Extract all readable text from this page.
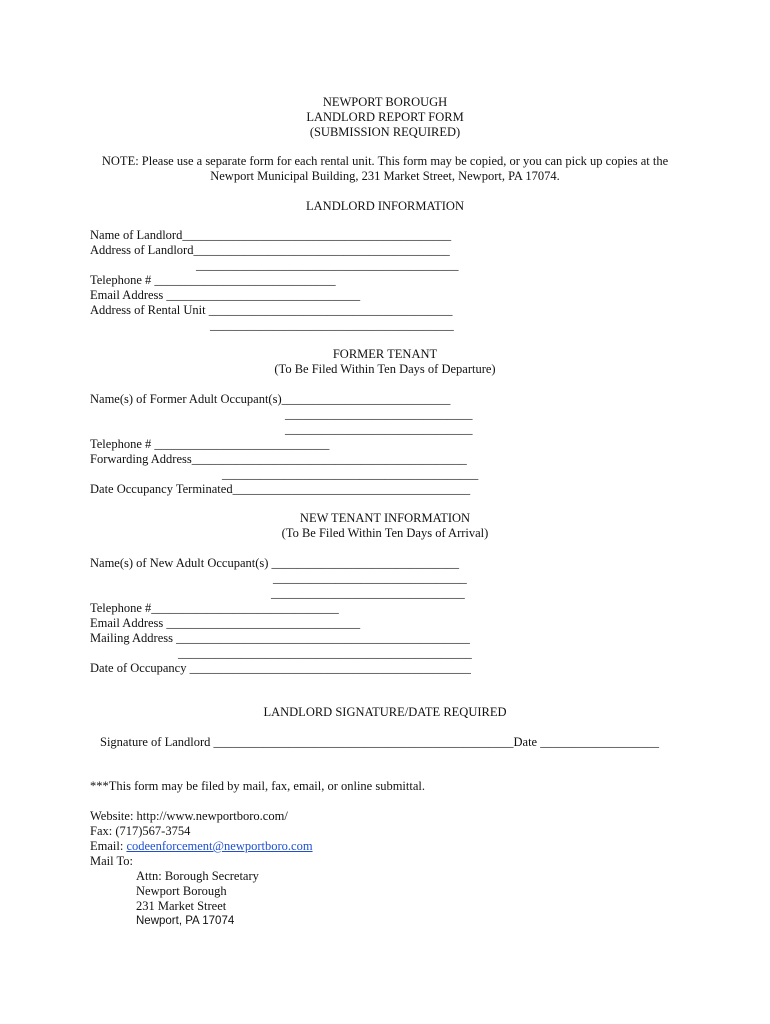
NEWPORT BOROUGH
LANDLORD REPORT FORM
(SUBMISSION REQUIRED)
NOTE: Please use a separate form for each rental unit. This form may be copied, or you can pick up copies at the
Newport Municipal Building, 231 Market Street, Newport, PA 17074.
LANDLORD INFORMATION
Name of Landlord___________________________________________
Address of Landlord_________________________________________
__________________________________________
Telephone # _____________________________
Email Address _______________________________
Address of Rental Unit _______________________________________
_______________________________________
FORMER TENANT
(To Be Filed Within Ten Days of Departure)
Name(s) of Former Adult Occupant(s)___________________________
______________________________
______________________________
Telephone # ____________________________
Forwarding Address____________________________________________
_________________________________________
Date Occupancy Terminated______________________________________
NEW TENANT INFORMATION
(To Be Filed Within Ten Days of Arrival)
Name(s) of New Adult Occupant(s) ______________________________
_______________________________
_______________________________
Telephone #______________________________
Email Address _______________________________
Mailing Address _______________________________________________
_______________________________________________
Date of Occupancy _____________________________________________
LANDLORD SIGNATURE/DATE REQUIRED
Signature of Landlord ________________________________________________Date ___________________
***This form may be filed by mail, fax, email, or online submittal.
Website: http://www.newportboro.com/
Fax: (717)567-3754
Email: codeenforcement@newportboro.com
Mail To:
Attn: Borough Secretary
Newport Borough
231 Market Street
Newport, PA 17074
